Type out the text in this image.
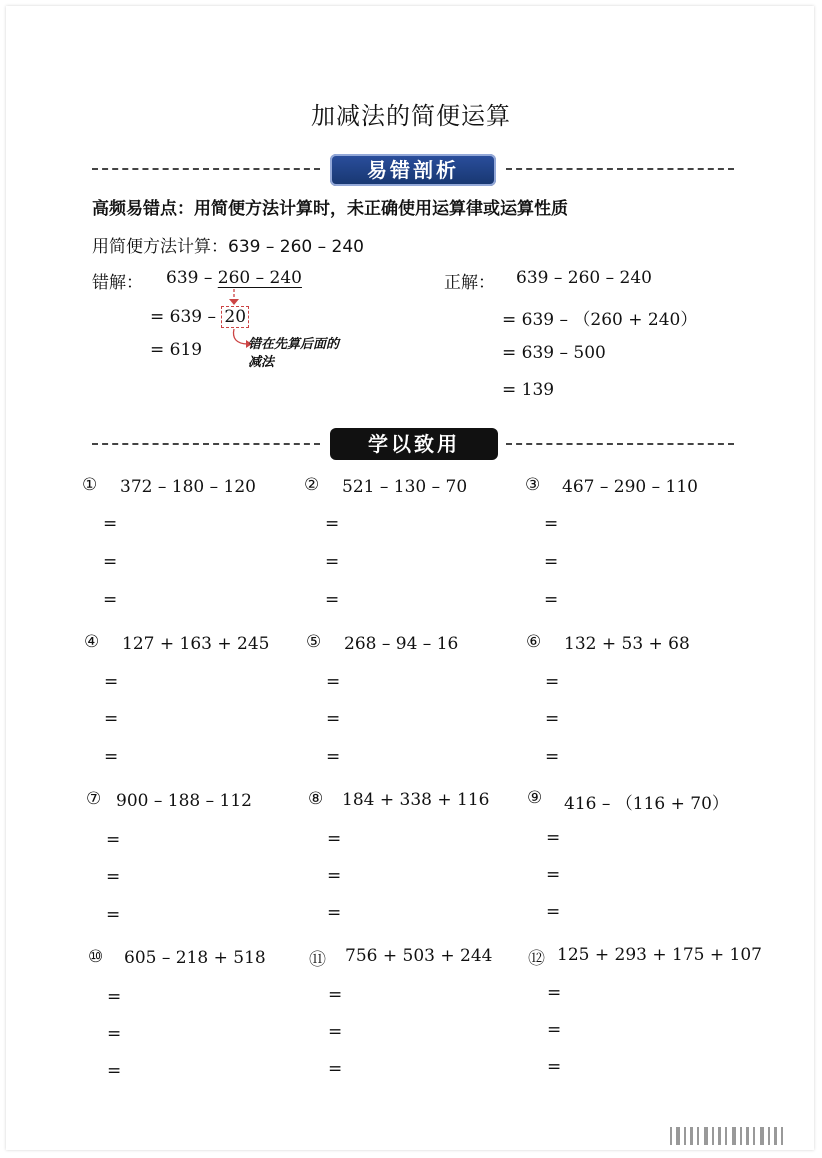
加减法的简便运算
易错剖析
高频易错点：用简便方法计算时，未正确使用运算律或运算性质
用简便方法计算：639 – 260 – 240
错解： 639 – 260 – 240
= 639 – 20
= 619	错在先算后面的
减法
正解： 639 – 260 – 240
= 639 – （260 + 240）
= 639 – 500
= 139
学以致用
① 372 – 180 – 120
=
=
=
② 521 – 130 – 70
=
=
=
③ 467 – 290 – 110
=
=
=
④ 127 + 163 + 245
=
=
=
⑤ 268 – 94 – 16
=
=
=
⑥ 132 + 53 + 68
=
=
=
⑦ 900 – 188 – 112
=
=
=
⑧ 184 + 338 + 116
=
=
=
⑨ 416 – （116 + 70）
=
=
=
⑩ 605 – 218 + 518
=
=
=
⑪ 756 + 503 + 244
=
=
=
⑫ 125 + 293 + 175 + 107
=
=
=
